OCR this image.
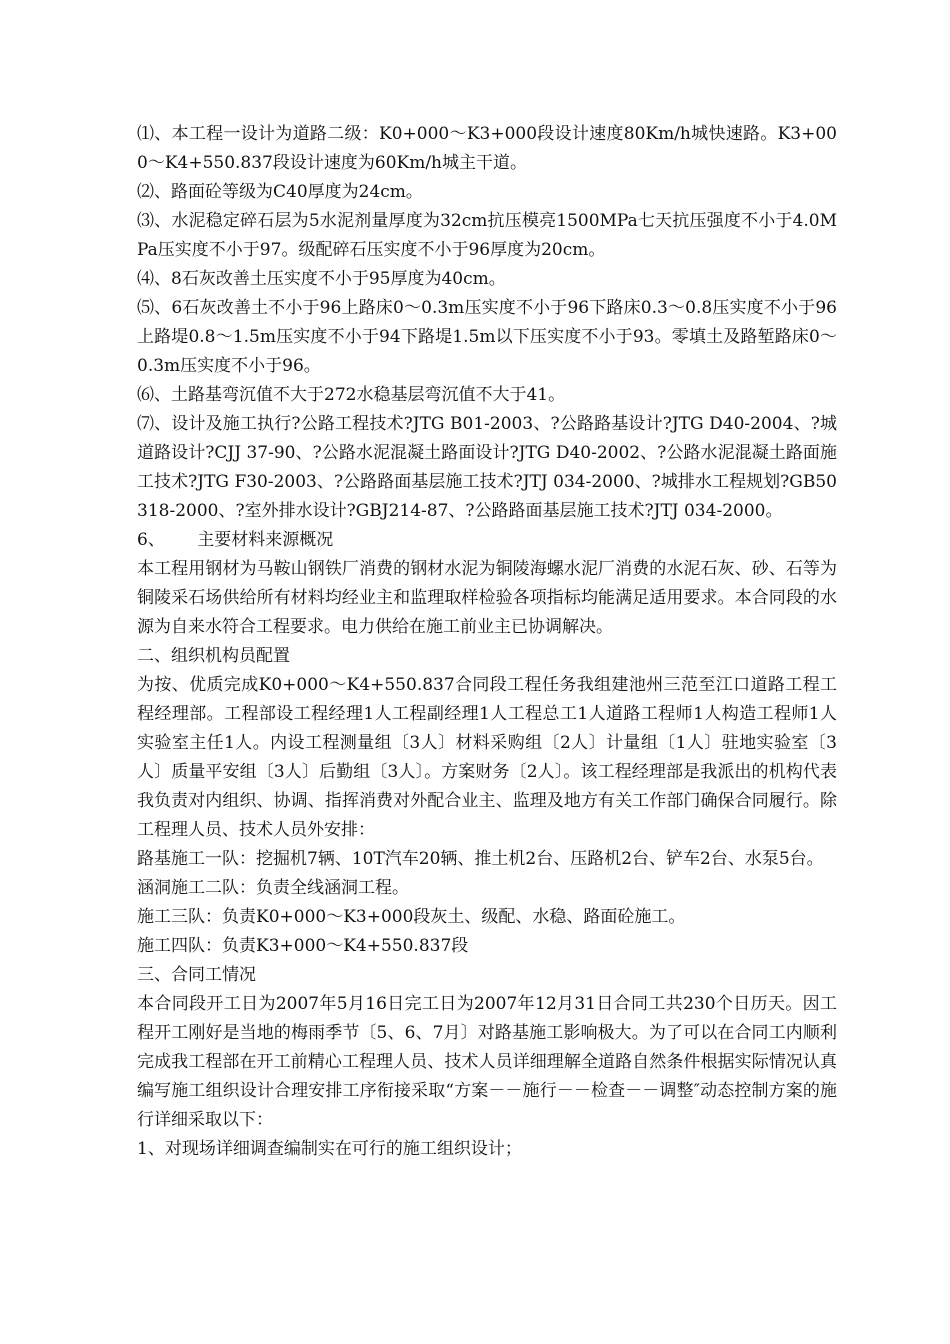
⑴、本工程一设计为道路二级：K0+000～K3+000段设计速度80Km/h城快速路。K3+000～K4+550.837段设计速度为60Km/h城主干道。

⑵、路面砼等级为C40厚度为24cm。

⑶、水泥稳定碎石层为5水泥剂量厚度为32cm抗压模亮1500MPa七天抗压强度不小于4.0MPa压实度不小于97。级配碎石压实度不小于96厚度为20cm。

⑷、8石灰改善土压实度不小于95厚度为40cm。

⑸、6石灰改善土不小于96上路床0～0.3m压实度不小于96下路床0.3～0.8压实度不小于96上路堤0.8～1.5m压实度不小于94下路堤1.5m以下压实度不小于93。零填土及路堑路床0～0.3m压实度不小于96。

⑹、土路基弯沉值不大于272水稳基层弯沉值不大于41。

⑺、设计及施工执行?公路工程技术?JTG B01-2003、?公路路基设计?JTG D40-2004、?城道路设计?CJJ 37-90、?公路水泥混凝土路面设计?JTG D40-2002、?公路水泥混凝土路面施工技术?JTG F30-2003、?公路路面基层施工技术?JTJ 034-2000、?城排水工程规划?GB50318-2000、?室外排水设计?GBJ214-87、?公路路面基层施工技术?JTJ 034-2000。

6、      主要材料来源概况

本工程用钢材为马鞍山钢铁厂消费的钢材水泥为铜陵海螺水泥厂消费的水泥石灰、砂、石等为铜陵采石场供给所有材料均经业主和监理取样检验各项指标均能满足适用要求。本合同段的水源为自来水符合工程要求。电力供给在施工前业主已协调解决。

二、组织机构员配置

为按、优质完成K0+000～K4+550.837合同段工程任务我组建池州三范至江口道路工程工程经理部。工程部设工程经理1人工程副经理1人工程总工1人道路工程师1人构造工程师1人实验室主任1人。内设工程测量组〔3人〕材料采购组〔2人〕计量组〔1人〕驻地实验室〔3人〕质量平安组〔3人〕后勤组〔3人〕。方案财务〔2人〕。该工程经理部是我派出的机构代表我负责对内组织、协调、指挥消费对外配合业主、监理及地方有关工作部门确保合同履行。除工程理人员、技术人员外安排：

路基施工一队：挖掘机7辆、10T汽车20辆、推土机2台、压路机2台、铲车2台、水泵5台。

涵洞施工二队：负责全线涵洞工程。

施工三队：负责K0+000～K3+000段灰土、级配、水稳、路面砼施工。

施工四队：负责K3+000～K4+550.837段

三、合同工情况

本合同段开工日为2007年5月16日完工日为2007年12月31日合同工共230个日历天。因工程开工刚好是当地的梅雨季节〔5、6、7月〕对路基施工影响极大。为了可以在合同工内顺利完成我工程部在开工前精心工程理人员、技术人员详细理解全道路自然条件根据实际情况认真编写施工组织设计合理安排工序衔接采取“方案－－施行－－检查－－调整″动态控制方案的施行详细采取以下：

1、对现场详细调查编制实在可行的施工组织设计；
